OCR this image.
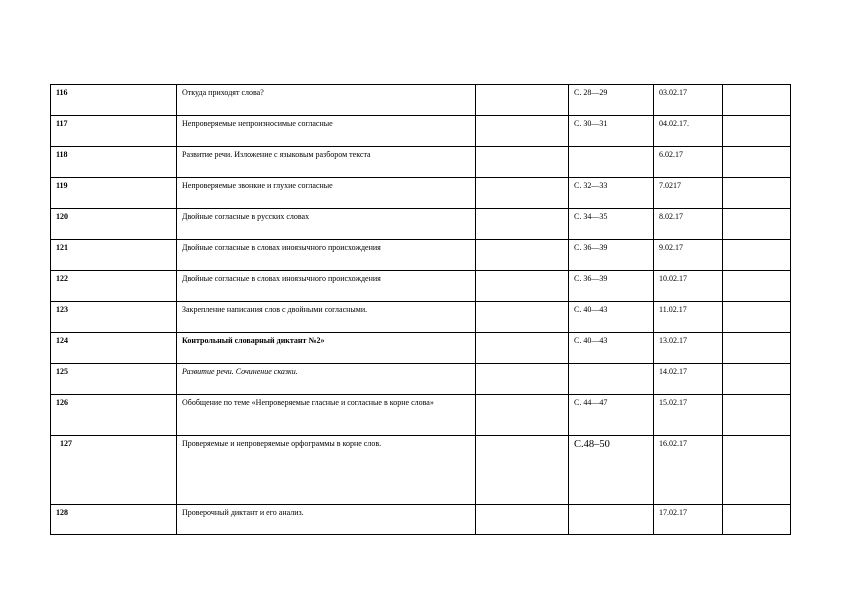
116	Откуда приходят слова?		С. 28—29	03.02.17	
117	Непроверяемые непроизносимые согласные		С. 30—31	04.02.17.	
118	Развитие речи. Изложение с языковым разбором текста			6.02.17	
119	Непроверяемые звонкие и глухие согласные		С. 32—33	7.0217	
120	Двойные согласные в русских словах		С. 34—35	8.02.17	
121	Двойные согласные в словах иноязычного происхождения		С. 36—39	9.02.17	
122	Двойные согласные в словах иноязычного происхождения		С. 36—39	10.02.17	
123	Закрепление написания слов с двойными согласными.		С. 40—43	11.02.17	
124	Контрольный словарный диктант №2»		С. 40—43	13.02.17	
125	Развитие речи. Сочинение сказки.			14.02.17	
126	Обобщение по теме «Непроверяемые гласные и согласные в корне слова»		С. 44—47	15.02.17	
127	Проверяемые и непроверяемые орфограммы в корне слов.		С.48–50	16.02.17	
128	Проверочный диктант и его анализ.			17.02.17	
